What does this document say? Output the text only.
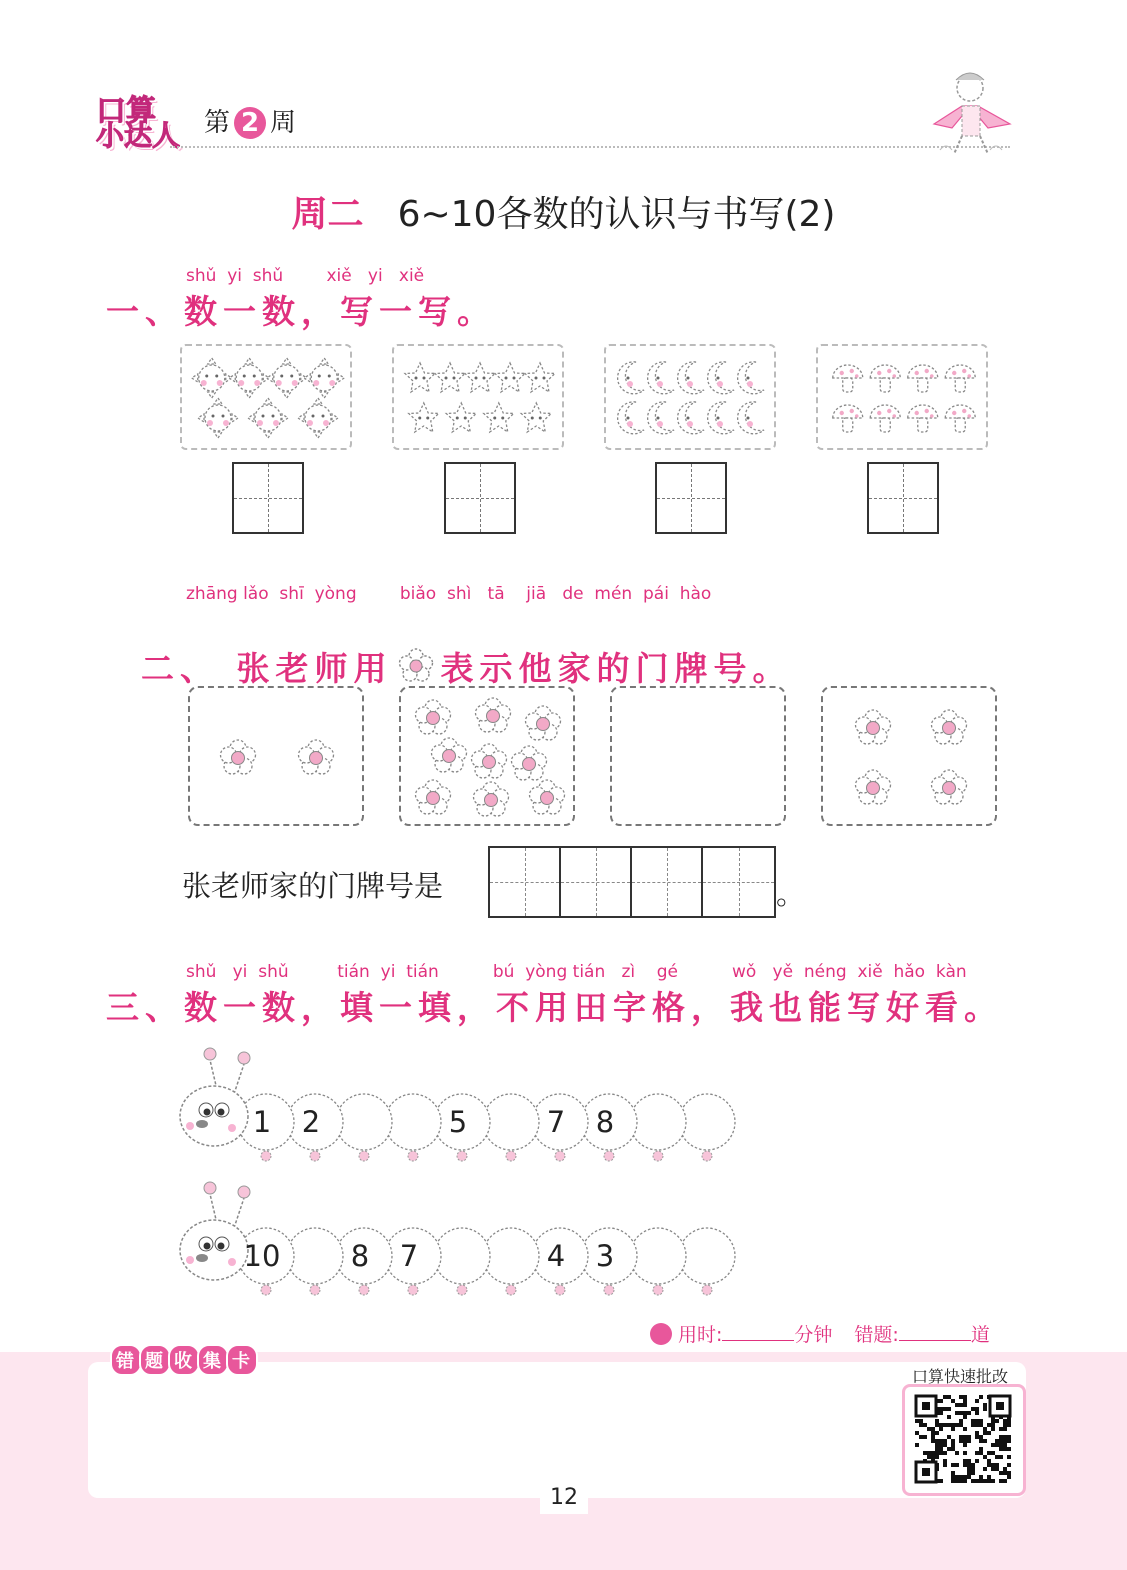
口算
小达人 第 2 周
周二 6~10各数的认识与书写(2)
shǔ  yi  shǔ        xiě   yi   xiě
一、数一数，写一写。
zhāng lǎo  shī  yòng        biǎo  shì   tā    jiā   de  mén  pái  hào

二、 张老师用 表示他家的门牌号。

张老师家的门牌号是	。
shǔ   yi  shǔ         tián  yi  tián          bú  yòng tián   zì    gé          wǒ   yě  néng  xiě  hǎo  kàn
三、数一数，填一填，不用田字格，我也能写好看。
1 2	5	7 8
10 8 7	4 3
用时:	分钟 错题:	道
错 题 收 集 卡
口算快速批改
12
